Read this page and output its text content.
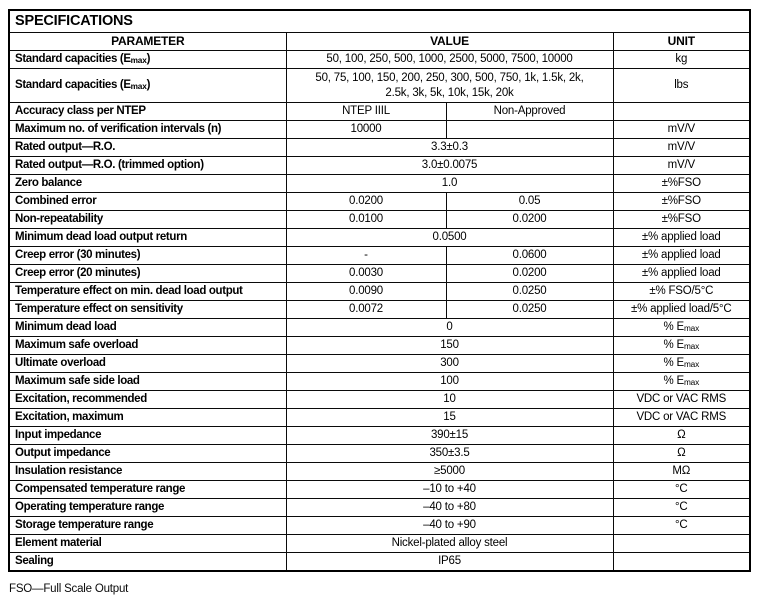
SPECIFICATIONS			
PARAMETER	VALUE		UNIT
Standard capacities $(E_{max})$	50, 100, 250, 500, 1000, 2500, 5000, 7500, 10000		kg
Standard capacities $(E_{max})$	50, 75, 100, 150, 200, 250, 300, 500, 750, 1k, 1.5k, 2k, 2.5k, 3k, 5k, 10k, 15k, 20k		lbs
Accuracy class per NTEP	NTEP IIIL	Non-Approved	
Maximum no. of verification intervals (n)	10000		mV/V
Rated output—R.O.	3.3±0.3		mV/V
Rated output—R.O. (trimmed option)	3.0±0.0075		mV/V
Zero balance	1.0		±%FSO
Combined error	0.0200	0.05	±%FSO
Non-repeatability	0.0100	0.0200	±%FSO
Minimum dead load output return	0.0500		±% applied load
Creep error (30 minutes)	-	0.0600	±% applied load
Creep error (20 minutes)	0.0030	0.0200	±% applied load
Temperature effect on min. dead load output	0.0090	0.0250	±% FSO/5°C
Temperature effect on sensitivity	0.0072	0.0250	±% applied load/5°C
Minimum dead load	0		% $E_{max}$
Maximum safe overload	150		% $E_{max}$
Ultimate overload	300		% $E_{max}$
Maximum safe side load	100		% $E_{max}$
Excitation, recommended	10		VDC or VAC RMS
Excitation, maximum	15		VDC or VAC RMS
Input impedance	390±15		Ω
Output impedance	350±3.5		Ω
Insulation resistance	≥5000		MΩ
Compensated temperature range	–10 to +40		°C
Operating temperature range	–40 to +80		°C
Storage temperature range	–40 to +90		°C
Element material	Nickel-plated alloy steel		
Sealing	IP65		
FSO—Full Scale Output
